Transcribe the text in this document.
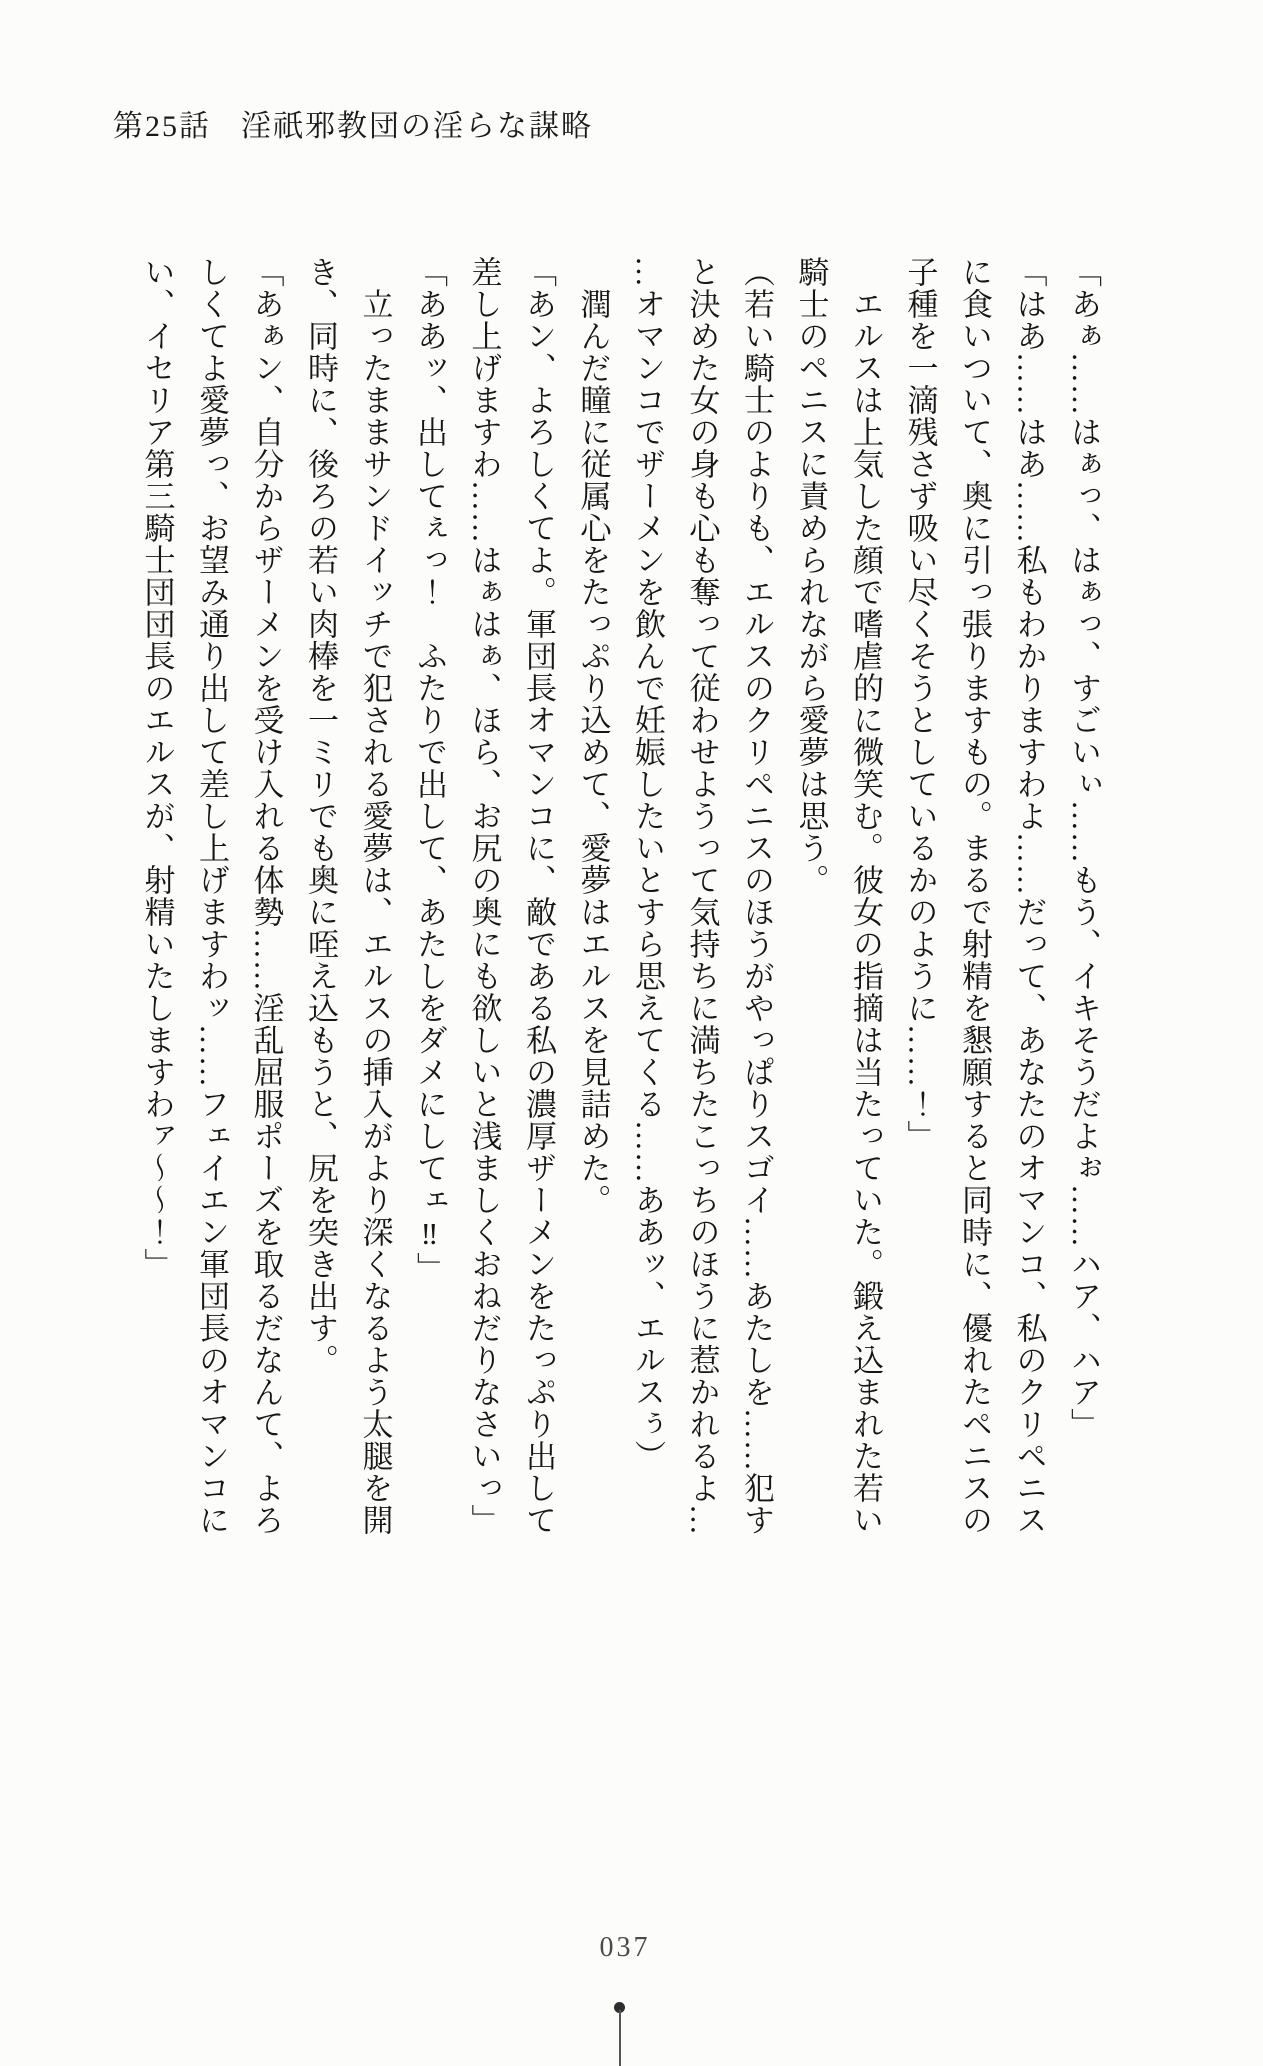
第25話 淫祇邪教団の淫らな謀略
「あぁ……はぁっ、はぁっ、すごいぃ……もう、イキそうだよぉ……ハア、ハア」
「はあ……はあ……私もわかりますわよ……だって、あなたのオマンコ、私のクリペニス
に食いついて、奥に引っ張りますもの。まるで射精を懇願すると同時に、優れたペニスの
子種を一滴残さず吸い尽くそうとしているかのように……！」
　エルスは上気した顔で嗜虐的に微笑む。彼女の指摘は当たっていた。鍛え込まれた若い
騎士のペニスに責められながら愛夢は思う。
（若い騎士のよりも、エルスのクリペニスのほうがやっぱりスゴイ……あたしを……犯す
と決めた女の身も心も奪って従わせようって気持ちに満ちたこっちのほうに惹かれるよ…
…オマンコでザーメンを飲んで妊娠したいとすら思えてくる……ああッ、エルスぅ）
　潤んだ瞳に従属心をたっぷり込めて、愛夢はエルスを見詰めた。
「あン、よろしくてよ。軍団長オマンコに、敵である私の濃厚ザーメンをたっぷり出して
差し上げますわ……はぁはぁ、ほら、お尻の奥にも欲しいと浅ましくおねだりなさいっ」
「ああッ、出してぇっ！　ふたりで出して、あたしをダメにしてェ‼」
　立ったままサンドイッチで犯される愛夢は、エルスの挿入がより深くなるよう太腿を開
き、同時に、後ろの若い肉棒を一ミリでも奥に咥え込もうと、尻を突き出す。
「あぁン、自分からザーメンを受け入れる体勢……淫乱屈服ポーズを取るだなんて、よろ
しくてよ愛夢っ、お望み通り出して差し上げますわッ……フェイエン軍団長のオマンコに
い、イセリア第三騎士団団長のエルスが、射精いたしますわァ～～！」
037
